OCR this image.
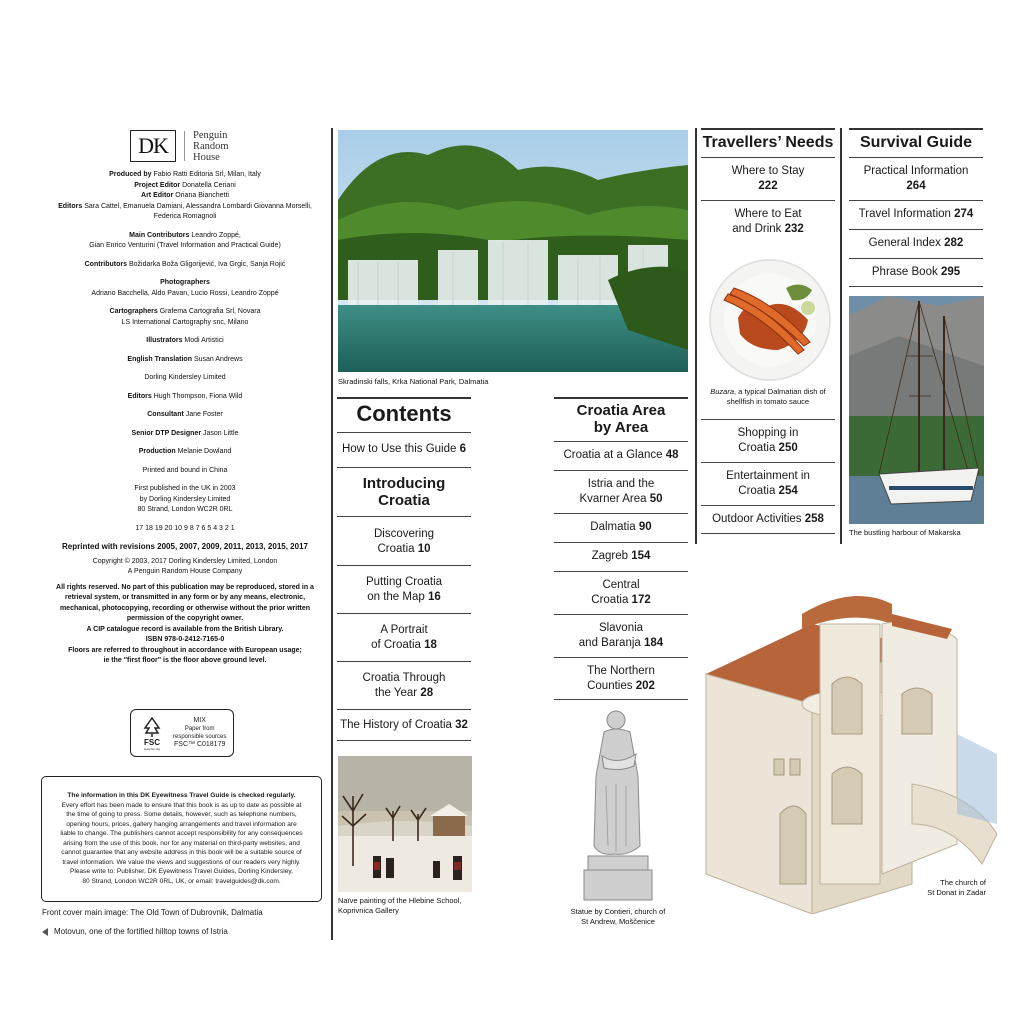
DK	Penguin
Random
House

Produced by Fabio Ratti Editoria Srl, Milan, Italy

Project Editor Donatella Ceriani

Art Editor Oriana Bianchetti

Editors Sara Cattel, Emanuela Damiani, Alessandra Lombardi Giovanna Morselli,

Federica Romagnoli

Main Contributors Leandro Zoppé,

Gian Enrico Venturini (Travel Information and Practical Guide)

Contributors Božidarka Boža Gligorijević, Iva Grgic, Sanja Rojić

Photographers

Adriano Bacchella, Aldo Pavan, Lucio Rossi, Leandro Zoppé

Cartographers Grafema Cartografia Srl, Novara

LS International Cartography snc, Milano

Illustrators Modi Artistici

English Translation Susan Andrews

Dorling Kindersley Limited

Editors Hugh Thompson, Fiona Wild

Consultant Jane Foster

Senior DTP Designer Jason Little

Production Melanie Dowland

Printed and bound in China

First published in the UK in 2003

by Dorling Kindersley Limited

80 Strand, London WC2R 0RL

17 18 19 20 10 9 8 7 6 5 4 3 2 1

Reprinted with revisions 2005, 2007, 2009, 2011, 2013, 2015, 2017

Copyright © 2003, 2017 Dorling Kindersley Limited, London

A Penguin Random House Company

All rights reserved. No part of this publication may be reproduced, stored in a

retrieval system, or transmitted in any form or by any means, electronic,

mechanical, photocopying, recording or otherwise without the prior written

permission of the copyright owner.

A CIP catalogue record is available from the British Library.

ISBN 978-0-2412-7165-0

Floors are referred to throughout in accordance with European usage;

ie the "first floor" is the floor above ground level.

FSC
www.fsc.org
MIX
Paper from
responsible sources
FSC™ C018179
The information in this DK Eyewitness Travel Guide is checked regularly.
Every effort has been made to ensure that this book is as up to date as possible at
the time of going to press. Some details, however, such as telephone numbers,
opening hours, prices, gallery hanging arrangements and travel information are
liable to change. The publishers cannot accept responsibility for any consequences
arising from the use of this book, nor for any material on third-party websites, and
cannot guarantee that any website address in this book will be a suitable source of
travel information. We value the views and suggestions of our readers very highly.
Please write to: Publisher, DK Eyewitness Travel Guides, Dorling Kindersley,
80 Strand, London WC2R 0RL, UK, or email: travelguides@dk.com.
Front cover main image: The Old Town of Dubrovnik, Dalmatia
Motovun, one of the fortified hilltop towns of Istria
Skradinski falls, Krka National Park, Dalmatia
Contents
How to Use this Guide 6
Introducing
Croatia
Discovering
Croatia 10
Putting Croatia
on the Map 16
A Portrait
of Croatia 18
Croatia Through
the Year 28
The History of Croatia 32
Naïve painting of the Hlebine School,
Koprivnica Gallery
Croatia Area
by Area
Croatia at a Glance 48
Istria and the
Kvarner Area 50
Dalmatia 90
Zagreb 154
Central
Croatia 172
Slavonia
and Baranja 184
The Northern
Counties 202
Statue by Contieri, church of
St Andrew, Moščenice
Travellers’ Needs
Where to Stay
222
Where to Eat
and Drink 232
Buzara, a typical Dalmatian dish of
shellfish in tomato sauce
Shopping in
Croatia 250
Entertainment in
Croatia 254
Outdoor Activities 258
Survival Guide
Practical Information
264
Travel Information 274
General Index 282
Phrase Book 295
The bustling harbour of Makarska
The church of
St Donat in Zadar
